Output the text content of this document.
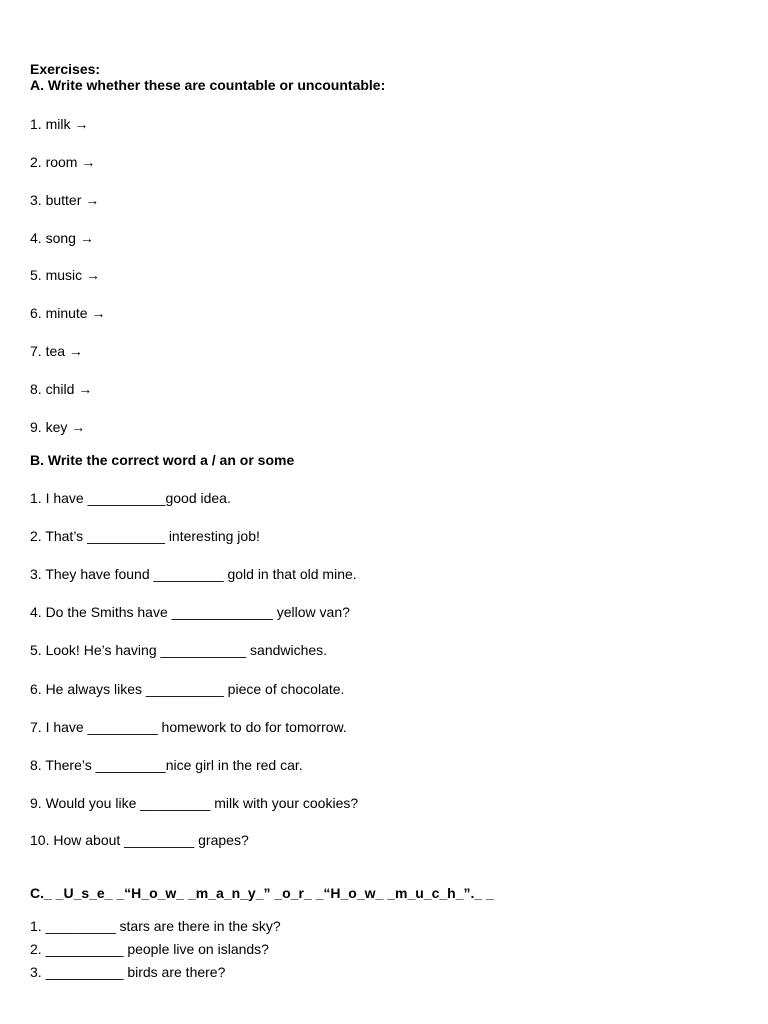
Exercises:
A. Write whether these are countable or uncountable:
1. milk →
2. room →
3. butter →
4. song →
5. music →
6. minute →
7. tea →
8. child →
9. key →
B. Write the correct word a / an or some
1. I have __________good idea.
2. That’s __________ interesting job!
3. They have found _________ gold in that old mine.
4. Do the Smiths have _____________ yellow van?
5. Look! He’s having ___________ sandwiches.
6. He always likes __________ piece of chocolate.
7. I have _________ homework to do for tomorrow.
8. There’s _________nice girl in the red car.
9. Would you like _________ milk with your cookies?
10. How about _________ grapes?
C._ _U_s_e_ _“H_o_w_ _m_a_n_y_” _o_r_ _“H_o_w_ _m_u_c_h_”._ _
1. _________ stars are there in the sky?
2. __________ people live on islands?
3. __________ birds are there?
